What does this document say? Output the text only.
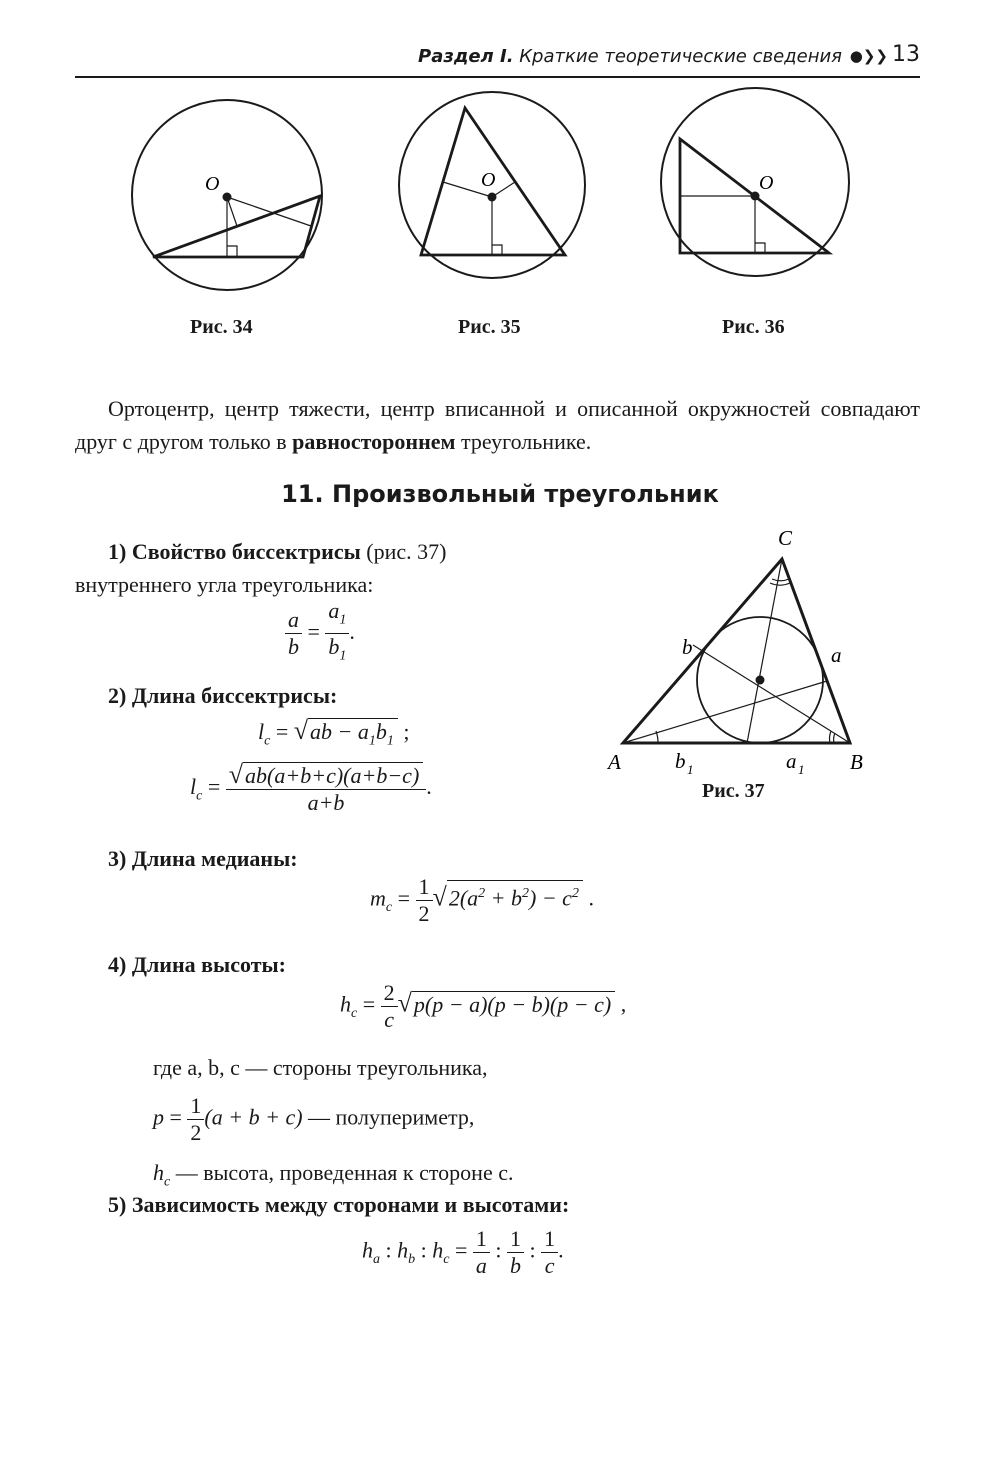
Раздел I. Краткие теоретические сведения ●❯❯ 13
O	O	O
Рис. 34	Рис. 35	Рис. 36
Ортоцентр, центр тяжести, центр вписанной и описанной окружностей совпадают друг с другом только в равностороннем треугольнике.
11. Произвольный треугольник
1) Свойство биссектрисы (рис. 37) внутреннего угла треугольника:
$\frac{a}{b} = \frac{a_1}{b_1}$ .
C
A	B
b	a
b 1	a 1
Рис. 37
2) Длина биссектрисы:
$l_c = √ab - a_1b_1$ ;
$l_c = \frac{√ab(a+b+c)(a+b-c)}{a+b}$ .
3) Длина медианы:
$m_c = \frac{1}{2} √2(a^2 + b^2) - c^2$ .
4) Длина высоты:
$h_c = \frac{2}{c} √p(p - a)(p - b)(p - c)$ ,
где a, b, c — стороны треугольника,
$p = \frac{1}{2} (a + b + c)$ — полупериметр,
$h_c$ — высота, проведенная к стороне c.
5) Зависимость между сторонами и высотами:
$h_a$ : $h_b$ : $h_c = \frac{1}{a}$ : $\frac{1}{b}$ : $\frac{1}{c}$ .
